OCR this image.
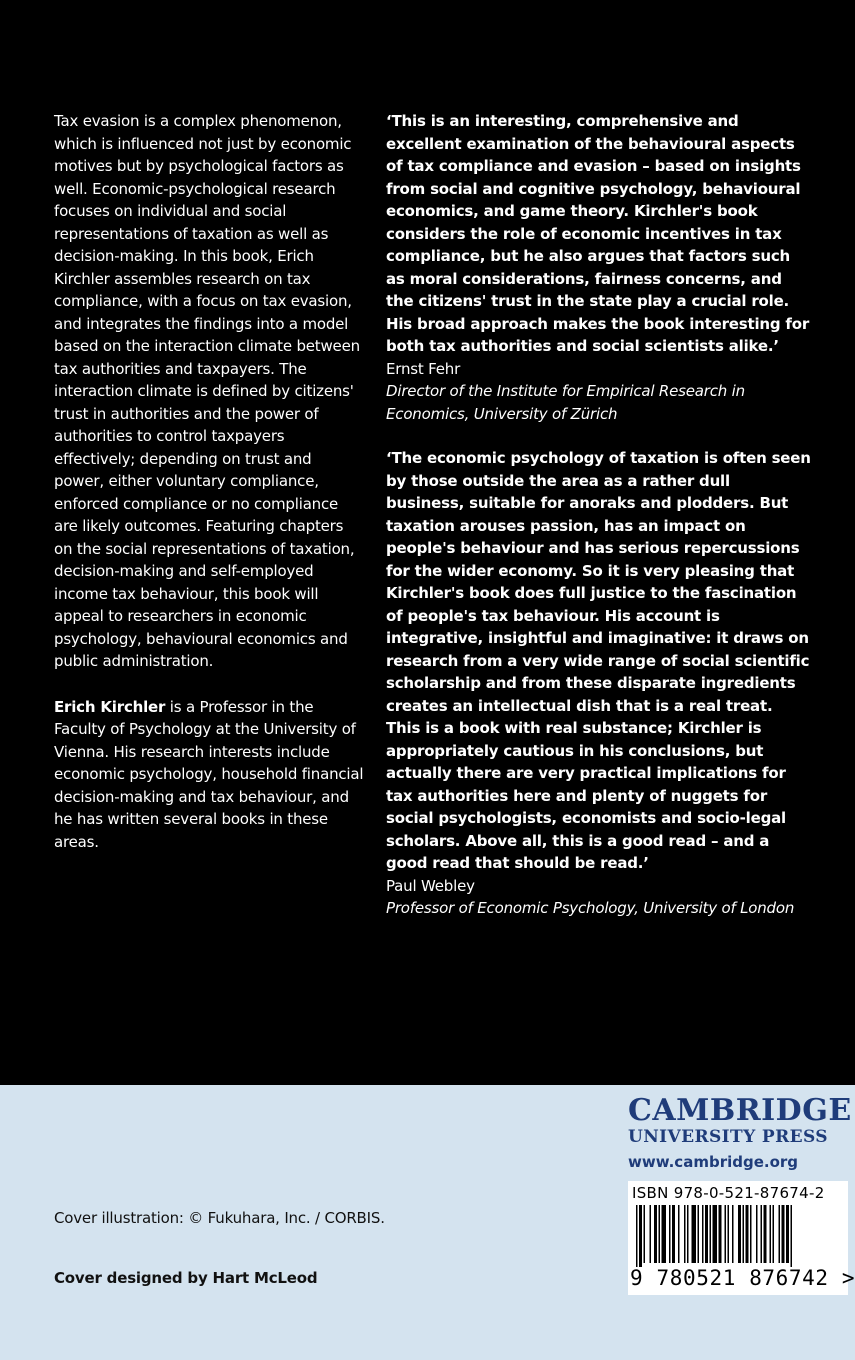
Tax evasion is a complex phenomenon, which is influenced not just by economic motives but by psychological factors as well. Economic-psychological research focuses on individual and social representations of taxation as well as decision-making. In this book, Erich Kirchler assembles research on tax compliance, with a focus on tax evasion, and integrates the findings into a model based on the interaction climate between tax authorities and taxpayers. The interaction climate is defined by citizens' trust in authorities and the power of authorities to control taxpayers effectively; depending on trust and power, either voluntary compliance, enforced compliance or no compliance are likely outcomes. Featuring chapters on the social representations of taxation, decision-making and self-employed income tax behaviour, this book will appeal to researchers in economic psychology, behavioural economics and public administration.

Erich Kirchler is a Professor in the Faculty of Psychology at the University of Vienna. His research interests include economic psychology, household financial decision-making and tax behaviour, and he has written several books in these areas.

‘This is an interesting, comprehensive and excellent examination of the behavioural aspects of tax compliance and evasion – based on insights from social and cognitive psychology, behavioural economics, and game theory. Kirchler's book considers the role of economic incentives in tax compliance, but he also argues that factors such as moral considerations, fairness concerns, and the citizens' trust in the state play a crucial role. His broad approach makes the book interesting for both tax authorities and social scientists alike.’

Ernst Fehr

Director of the Institute for Empirical Research in Economics, University of Zürich

‘The economic psychology of taxation is often seen by those outside the area as a rather dull business, suitable for anoraks and plodders. But taxation arouses passion, has an impact on people's behaviour and has serious repercussions for the wider economy. So it is very pleasing that Kirchler's book does full justice to the fascination of people's tax behaviour. His account is integrative, insightful and imaginative: it draws on research from a very wide range of social scientific scholarship and from these disparate ingredients creates an intellectual dish that is a real treat. This is a book with real substance; Kirchler is appropriately cautious in his conclusions, but actually there are very practical implications for tax authorities here and plenty of nuggets for social psychologists, economists and socio-legal scholars. Above all, this is a good read – and a good read that should be read.’

Paul Webley

Professor of Economic Psychology, University of London

Cover illustration: © Fukuhara, Inc. / CORBIS.
Cover designed by Hart McLeod
CAMBRIDGE
UNIVERSITY PRESS
www.cambridge.org
ISBN 978-0-521-87674-2
9 780521 876742 >
